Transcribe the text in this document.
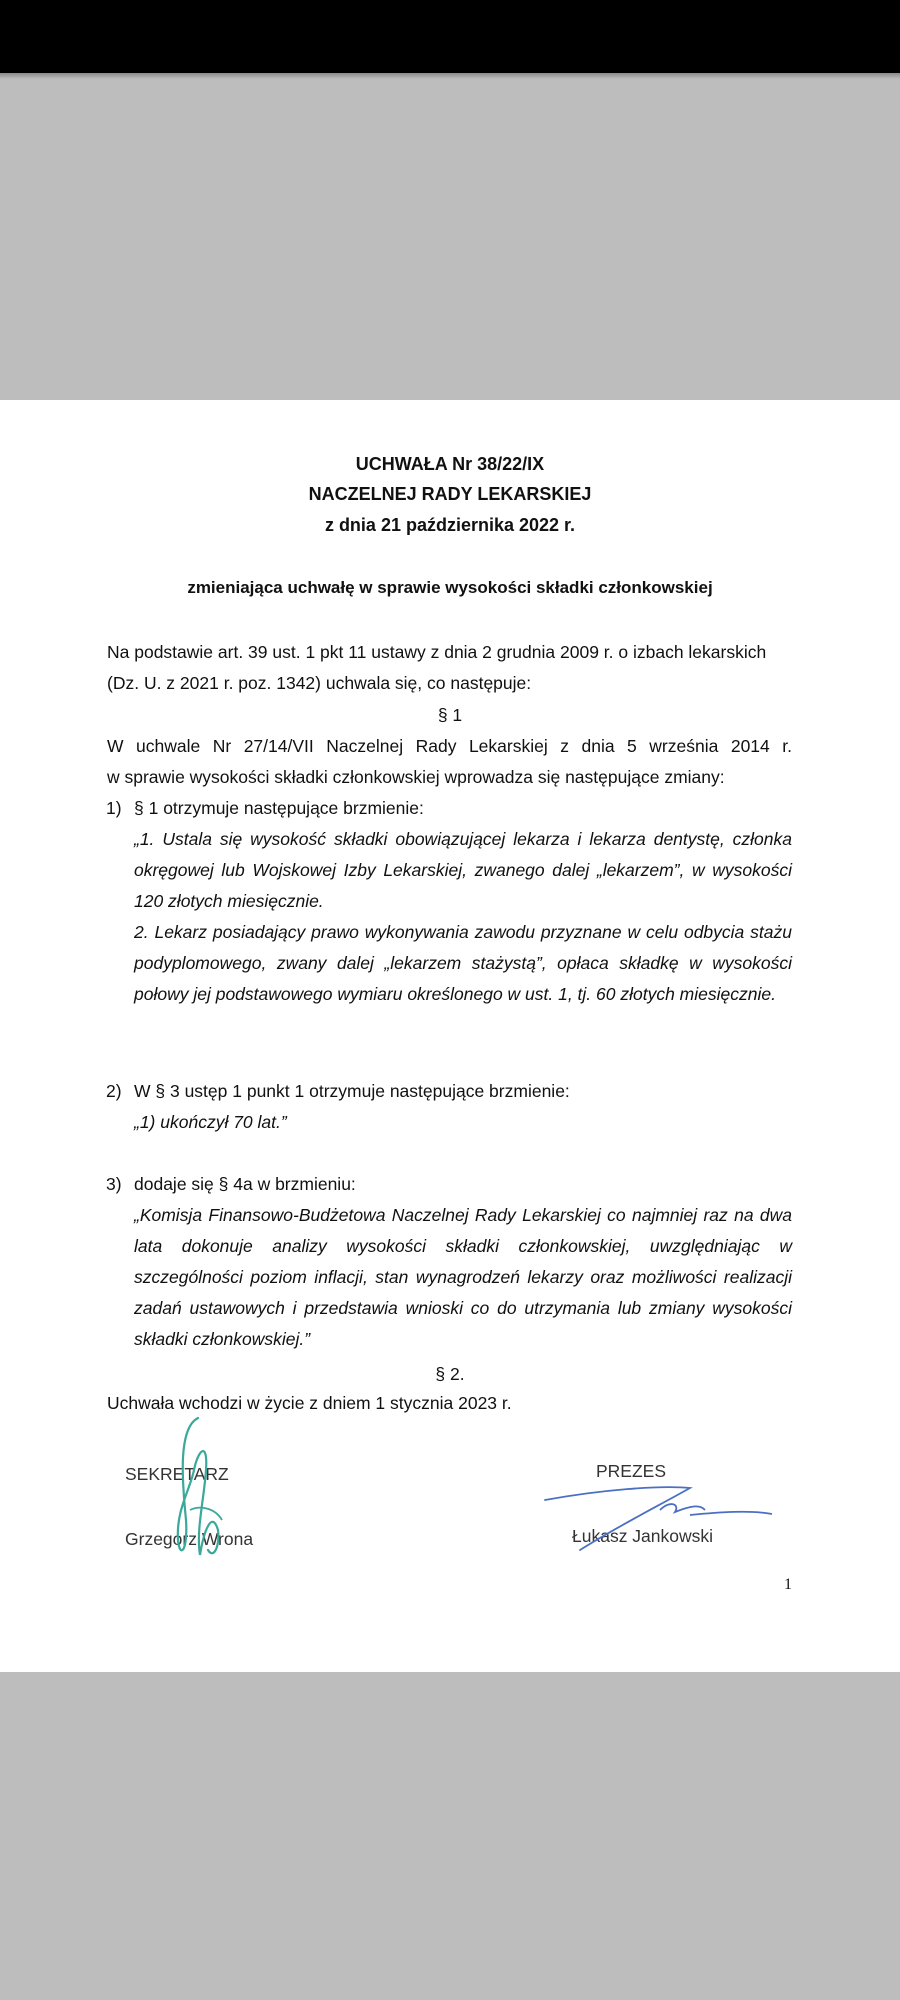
UCHWAŁA Nr 38/22/IX
NACZELNEJ RADY LEKARSKIEJ
z dnia 21 października 2022 r.
zmieniająca uchwałę w sprawie wysokości składki członkowskiej
Na podstawie art. 39 ust. 1 pkt 11 ustawy z dnia 2 grudnia 2009 r. o izbach lekarskich
(Dz. U. z 2021 r. poz. 1342) uchwala się, co następuje:
§ 1
W uchwale Nr 27/14/VII Naczelnej Rady Lekarskiej z dnia 5 września 2014 r.
w sprawie wysokości składki członkowskiej wprowadza się następujące zmiany:
1) § 1 otrzymuje następujące brzmienie:
„1. Ustala się wysokość składki obowiązującej lekarza i lekarza dentystę, członka okręgowej lub Wojskowej Izby Lekarskiej, zwanego dalej „lekarzem”, w wysokości 120 złotych miesięcznie.
2. Lekarz posiadający prawo wykonywania zawodu przyznane w celu odbycia stażu podyplomowego, zwany dalej „lekarzem stażystą”, opłaca składkę w wysokości połowy jej podstawowego wymiaru określonego w ust. 1, tj. 60 złotych miesięcznie.
2) W § 3 ustęp 1 punkt 1 otrzymuje następujące brzmienie:
„1) ukończył 70 lat.”
3) dodaje się § 4a w brzmieniu:
„Komisja Finansowo-Budżetowa Naczelnej Rady Lekarskiej co najmniej raz na dwa lata dokonuje analizy wysokości składki członkowskiej, uwzględniając w szczególności poziom inflacji, stan wynagrodzeń lekarzy oraz możliwości realizacji zadań ustawowych i przedstawia wnioski co do utrzymania lub zmiany wysokości składki członkowskiej.”
§ 2.
Uchwała wchodzi w życie z dniem 1 stycznia 2023 r.
SEKRETARZ
Grzegorz Wrona
PREZES
Łukasz Jankowski
1
